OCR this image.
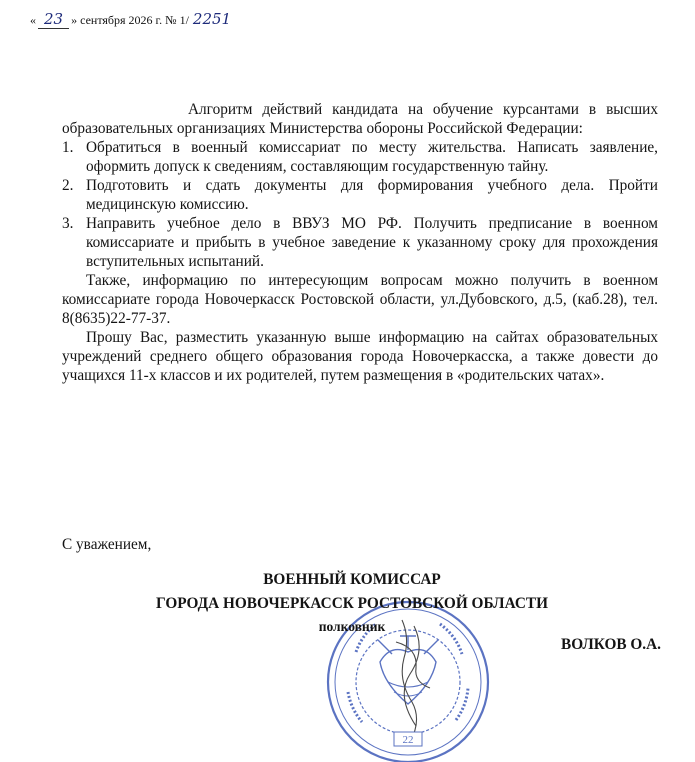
« 23 » сентября 2026 г. № 1/ 2251

Алгоритм действий кандидата на обучение курсантами в высших образовательных организациях Министерства обороны Российской Федерации:

1. Обратиться в военный комиссариат по месту жительства. Написать заявление, оформить допуск к сведениям, составляющим государственную тайну.
2. Подготовить и сдать документы для формирования учебного дела. Пройти медицинскую комиссию.
3. Направить учебное дело в ВВУЗ МО РФ. Получить предписание в военном комиссариате и прибыть в учебное заведение к указанному сроку для прохождения вступительных испытаний.

Также, информацию по интересующим вопросам можно получить в военном комиссариате города Новочеркасск Ростовской области, ул.Дубовского, д.5, (каб.28), тел. 8(8635)22-77-37.

Прошу Вас, разместить указанную выше информацию на сайтах образовательных учреждений среднего общего образования города Новочеркасска, а также довести до учащихся 11-х классов и их родителей, путем размещения в «родительских чатах».

С уважением,
22
ВОЕННЫЙ КОМИССАР
ГОРОДА НОВОЧЕРКАССК РОСТОВСКОЙ ОБЛАСТИ
полковник
ВОЛКОВ О.А.
